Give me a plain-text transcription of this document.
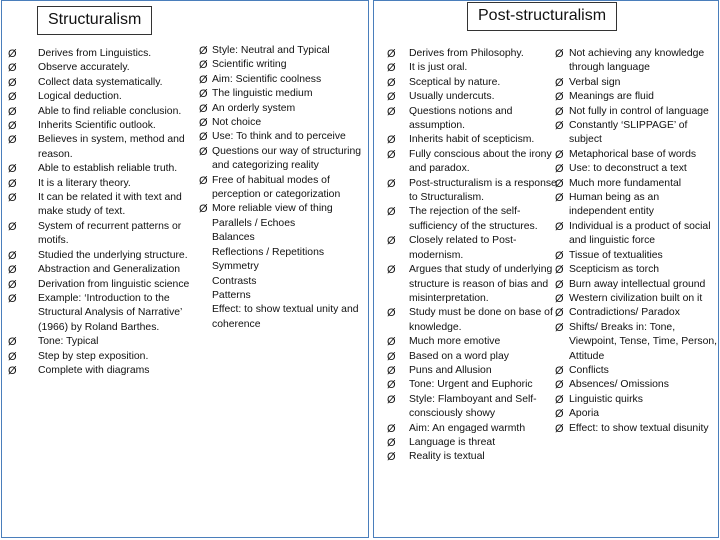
Structuralism
Ø Derives from Linguistics.
Ø Observe accurately.
Ø Collect data systematically.
Ø Logical deduction.
Ø Able to find reliable conclusion.
Ø Inherits Scientific outlook.
Ø Believes in system, method and reason.
Ø Able to establish reliable truth.
Ø It is a literary theory.
Ø It can be related it with text and make study of text.
Ø System of recurrent patterns or motifs.
Ø Studied the underlying structure.
Ø Abstraction and Generalization
Ø Derivation from linguistic science
Ø Example: ‘Introduction to the Structural Analysis of Narrative’ (1966) by Roland Barthes.
Ø Tone: Typical
Ø Step by step exposition.
Ø Complete with diagrams
Ø Style: Neutral and Typical
Ø Scientific writing
Ø Aim: Scientific coolness
Ø The linguistic medium
Ø An orderly system
Ø Not choice
Ø Use: To think and to perceive
Ø Questions our way of structuring and categorizing reality
Ø Free of habitual modes of perception or categorization
Ø More reliable view of thing
Parallels / Echoes
Balances
Reflections / Repetitions
Symmetry
Contrasts
Patterns
Effect: to show textual unity and coherence
Post-structuralism
Ø Derives from Philosophy.
Ø It is just oral.
Ø Sceptical by nature.
Ø Usually undercuts.
Ø Questions notions and assumption.
Ø Inherits habit of scepticism.
Ø Fully conscious about the irony and paradox.
Ø Post-structuralism is a response to Structuralism.
Ø The rejection of the self-sufficiency of the structures.
Ø Closely related to Post-modernism.
Ø Argues that study of underlying structure is reason of bias and misinterpretation.
Ø Study must be done on base of knowledge.
Ø Much more emotive
Ø Based on a word play
Ø Puns and Allusion
Ø Tone: Urgent and Euphoric
Ø Style: Flamboyant and Self-consciously showy
Ø Aim: An engaged warmth
Ø Language is threat
Ø Reality is textual
Ø Not achieving any knowledge through language
Ø Verbal sign
Ø Meanings are fluid
Ø Not fully in control of language
Ø Constantly ‘SLIPPAGE’ of subject
Ø Metaphorical base of words
Ø Use: to deconstruct a text
Ø Much more fundamental
Ø Human being as an independent entity
Ø Individual is a product of social and linguistic force
Ø Tissue of textualities
Ø Scepticism as torch
Ø Burn away intellectual ground
Ø Western civilization built on it
Ø Contradictions/ Paradox
Ø Shifts/ Breaks in: Tone, Viewpoint, Tense, Time, Person, Attitude
Ø Conflicts
Ø Absences/ Omissions
Ø Linguistic quirks
Ø Aporia
Ø Effect: to show textual disunity
